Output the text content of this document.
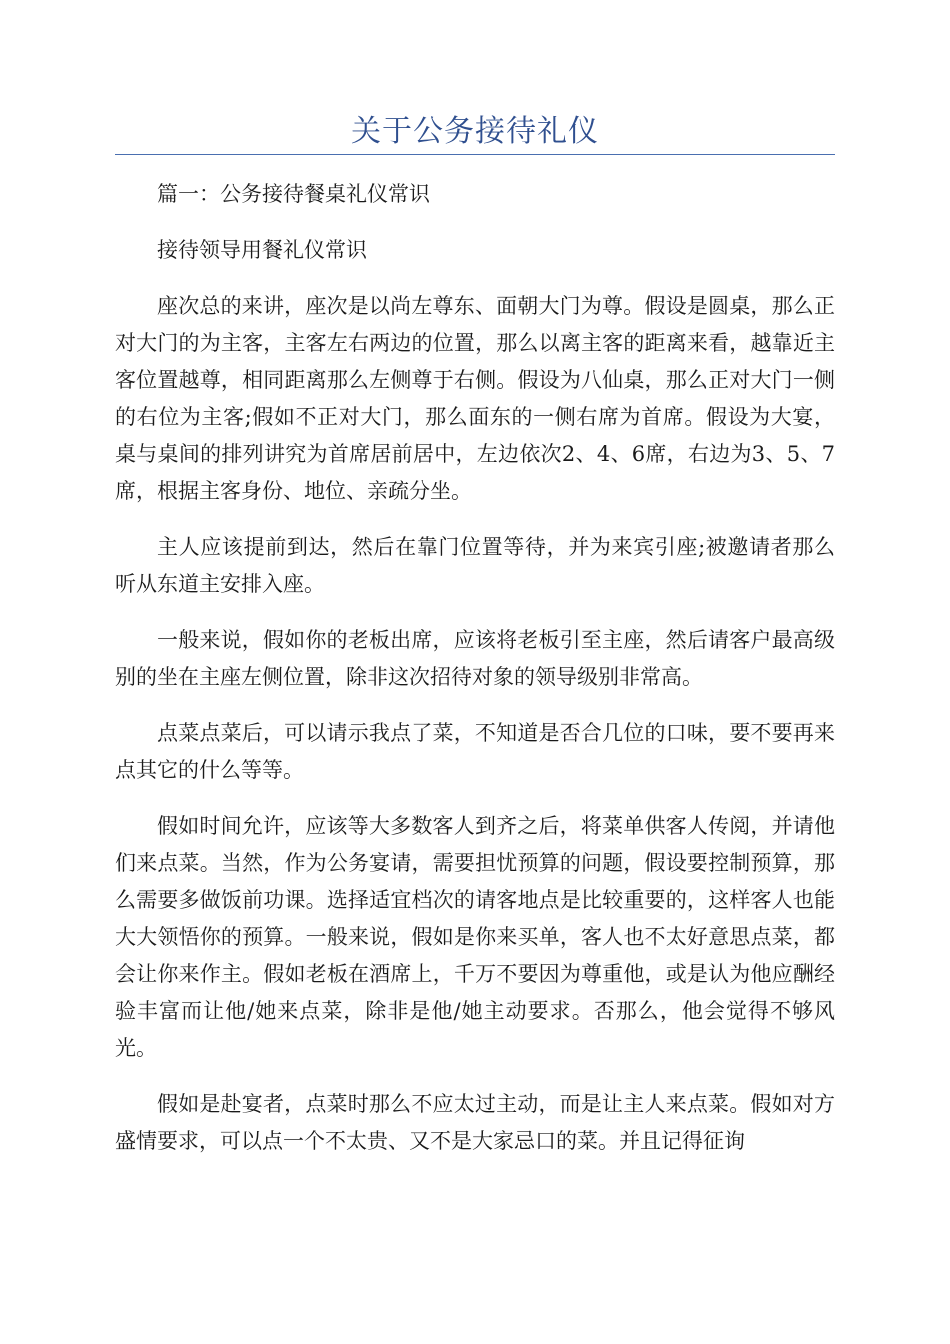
关于公务接待礼仪

篇一：公务接待餐桌礼仪常识

接待领导用餐礼仪常识

座次总的来讲，座次是以尚左尊东、面朝大门为尊。假设是圆桌，那么正对大门的为主客，主客左右两边的位置，那么以离主客的距离来看，越靠近主客位置越尊，相同距离那么左侧尊于右侧。假设为八仙桌，那么正对大门一侧的右位为主客;假如不正对大门，那么面东的一侧右席为首席。假设为大宴，桌与桌间的排列讲究为首席居前居中，左边依次2、4、6席，右边为3、5、7席，根据主客身份、地位、亲疏分坐。

主人应该提前到达，然后在靠门位置等待，并为来宾引座;被邀请者那么听从东道主安排入座。

一般来说，假如你的老板出席，应该将老板引至主座，然后请客户最高级别的坐在主座左侧位置，除非这次招待对象的领导级别非常高。

点菜点菜后，可以请示我点了菜，不知道是否合几位的口味，要不要再来点其它的什么等等。

假如时间允许，应该等大多数客人到齐之后，将菜单供客人传阅，并请他们来点菜。当然，作为公务宴请，需要担忧预算的问题，假设要控制预算，那么需要多做饭前功课。选择适宜档次的请客地点是比较重要的，这样客人也能大大领悟你的预算。一般来说，假如是你来买单，客人也不太好意思点菜，都会让你来作主。假如老板在酒席上，千万不要因为尊重他，或是认为他应酬经验丰富而让他/她来点菜，除非是他/她主动要求。否那么，他会觉得不够风光。

假如是赴宴者，点菜时那么不应太过主动，而是让主人来点菜。假如对方盛情要求，可以点一个不太贵、又不是大家忌口的菜。并且记得征询
